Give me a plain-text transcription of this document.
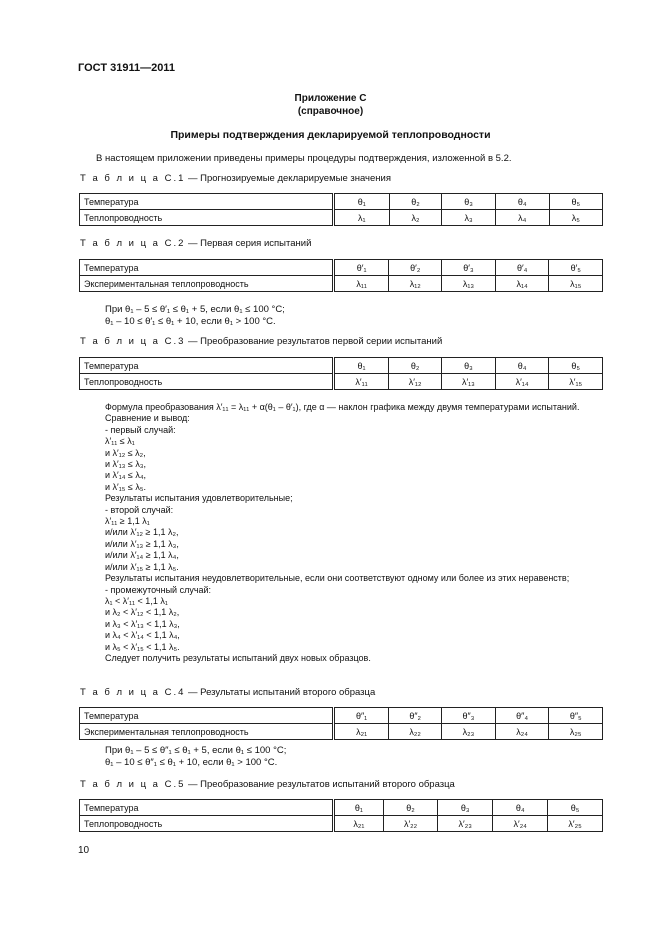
ГОСТ 31911—2011
Приложение С
(справочное)
Примеры подтверждения декларируемой теплопроводности
В настоящем приложении приведены примеры процедуры подтверждения, изложенной в 5.2.
Т а б л и ц а С.1 — Прогнозируемые декларируемые значения
Температура	θ₁	θ₂	θ₃	θ₄	θ₅
Теплопроводность	λ₁	λ₂	λ₃	λ₄	λ₅
Т а б л и ц а С.2 — Первая серия испытаний
Температура	θ′₁	θ′₂	θ′₃	θ′₄	θ′₅
Экспериментальная теплопроводность	λ₁₁	λ₁₂	λ₁₃	λ₁₄	λ₁₅
При θ₁ – 5 ≤ θ′₁ ≤ θ₁ + 5, если θ₁ ≤ 100 °С;
θ₁ – 10 ≤ θ′₁ ≤ θ₁ + 10, если θ₁ > 100 °С.
Т а б л и ц а С.3 — Преобразование результатов первой серии испытаний
Температура	θ₁	θ₂	θ₃	θ₄	θ₅
Теплопроводность	λ′₁₁	λ′₁₂	λ′₁₃	λ′₁₄	λ′₁₅
Формула преобразования λ′₁₁ = λ₁₁ + α(θ₁ – θ′₁), где α — наклон графика между двумя температурами испытаний.
Сравнение и вывод:
- первый случай:
λ′₁₁ ≤ λ₁
и λ′₁₂ ≤ λ₂,
и λ′₁₃ ≤ λ₃,
и λ′₁₄ ≤ λ₄,
и λ′₁₅ ≤ λ₅.
Результаты испытания удовлетворительные;
- второй случай:
λ′₁₁ ≥ 1,1 λ₁
и/или λ′₁₂ ≥ 1,1 λ₂,
и/или λ′₁₃ ≥ 1,1 λ₃,
и/или λ′₁₄ ≥ 1,1 λ₄,
и/или λ′₁₅ ≥ 1,1 λ₅.
Результаты испытания неудовлетворительные, если они соответствуют одному или более из этих неравенств;
- промежуточный случай:
λ₁ < λ′₁₁ < 1,1 λ₁
и λ₂ < λ′₁₂ < 1,1 λ₂,
и λ₃ < λ′₁₃ < 1,1 λ₃,
и λ₄ < λ′₁₄ < 1,1 λ₄,
и λ₅ < λ′₁₅ < 1,1 λ₅.
Следует получить результаты испытаний двух новых образцов.
Т а б л и ц а С.4 — Результаты испытаний второго образца
Температура	θ″₁	θ″₂	θ″₃	θ″₄	θ″₅
Экспериментальная теплопроводность	λ₂₁	λ₂₂	λ₂₃	λ₂₄	λ₂₅
При θ₁ – 5 ≤ θ″₁ ≤ θ₁ + 5, если θ₁ ≤ 100 °С;
θ₁ – 10 ≤ θ″₁ ≤ θ₁ + 10, если θ₁ > 100 °С.
Т а б л и ц а С.5 — Преобразование результатов испытаний второго образца
Температура	θ₁	θ₂	θ₃	θ₄	θ₅
Теплопроводность	λ₂₁	λ′₂₂	λ′₂₃	λ′₂₄	λ′₂₅
10
